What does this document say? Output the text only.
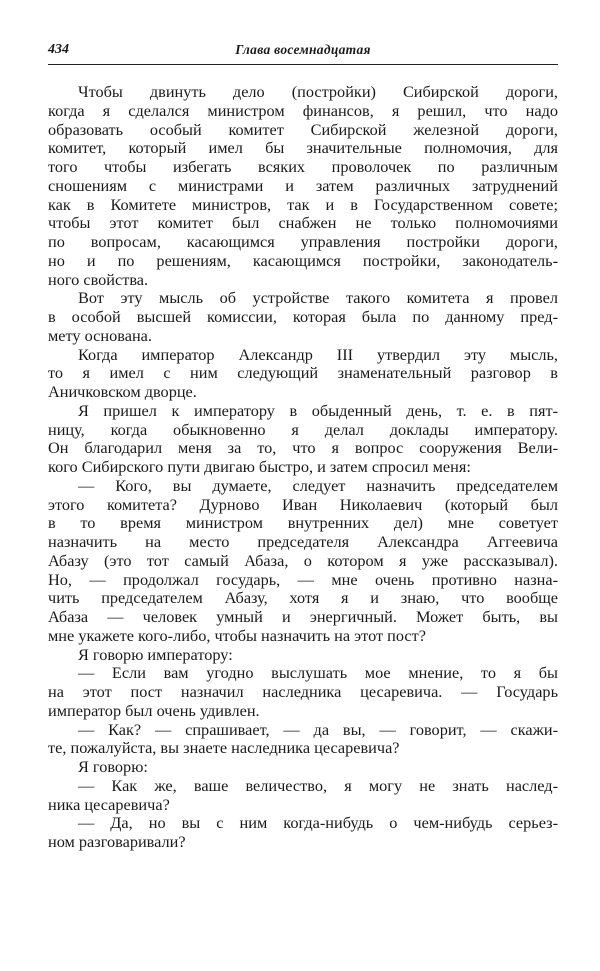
434	Глава восемнадцатая
Чтобы двинуть дело (постройки) Сибирской дороги,
когда я сделался министром финансов, я решил, что надо
образовать особый комитет Сибирской железной дороги,
комитет, который имел бы значительные полномочия, для
того чтобы избегать всяких проволочек по различным
сношениям с министрами и затем различных затруднений
как в Комитете министров, так и в Государственном совете;
чтобы этот комитет был снабжен не только полномочиями
по вопросам, касающимся управления постройки дороги,
но и по решениям, касающимся постройки, законодатель-
ного свойства.
Вот эту мысль об устройстве такого комитета я провел
в особой высшей комиссии, которая была по данному пред-
мету основана.
Когда император Александр III утвердил эту мысль,
то я имел с ним следующий знаменательный разговор в
Аничковском дворце.
Я пришел к императору в обыденный день, т. е. в пят-
ницу, когда обыкновенно я делал доклады императору.
Он благодарил меня за то, что я вопрос сооружения Вели-
кого Сибирского пути двигаю быстро, и затем спросил меня:
— Кого, вы думаете, следует назначить председателем
этого комитета? Дурново Иван Николаевич (который был
в то время министром внутренних дел) мне советует
назначить на место председателя Александра Аггеевича
Абазу (это тот самый Абаза, о котором я уже рассказывал).
Но, — продолжал государь, — мне очень противно назна-
чить председателем Абазу, хотя я и знаю, что вообще
Абаза — человек умный и энергичный. Может быть, вы
мне укажете кого-либо, чтобы назначить на этот пост?
Я говорю императору:
— Если вам угодно выслушать мое мнение, то я бы
на этот пост назначил наследника цесаревича. — Государь
император был очень удивлен.
— Как? — спрашивает, — да вы, — говорит, — скажи-
те, пожалуйста, вы знаете наследника цесаревича?
Я говорю:
— Как же, ваше величество, я могу не знать наслед-
ника цесаревича?
— Да, но вы с ним когда-нибудь о чем-нибудь серьез-
ном разговаривали?
